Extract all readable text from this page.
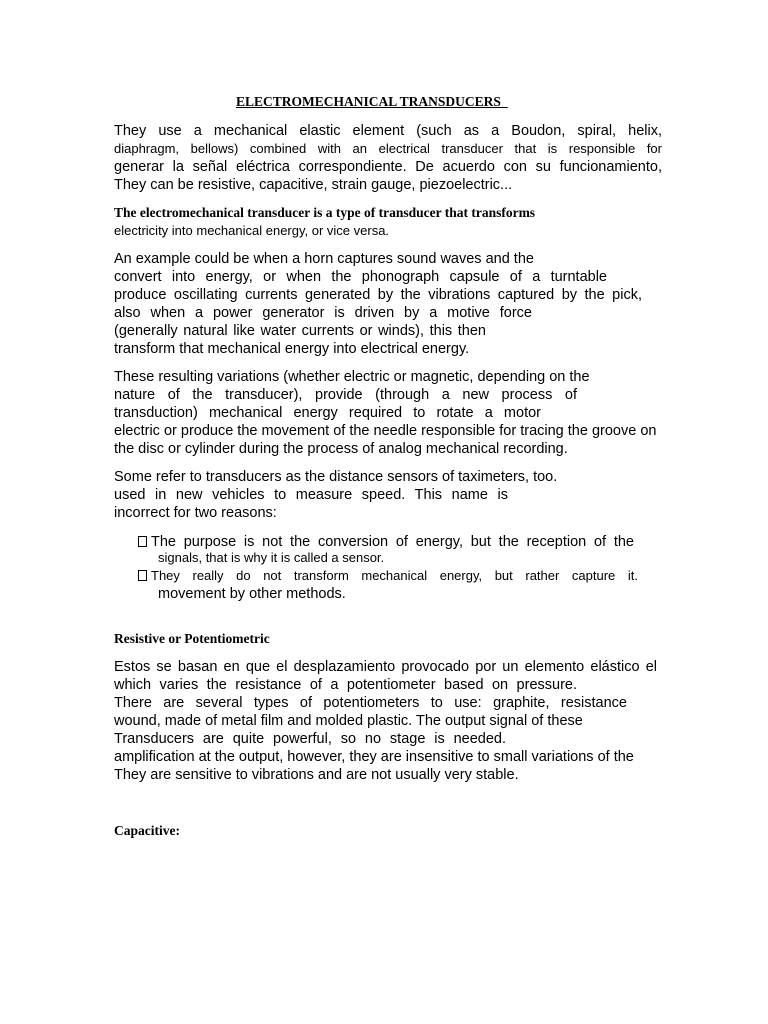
ELECTROMECHANICAL TRANSDUCERS
They use a mechanical elastic element (such as a Boudon, spiral, helix,
diaphragm, bellows) combined with an electrical transducer that is responsible for
generar la señal eléctrica correspondiente. De acuerdo con su funcionamiento,
They can be resistive, capacitive, strain gauge, piezoelectric...
The electromechanical transducer is a type of transducer that transforms
electricity into mechanical energy, or vice versa.
An example could be when a horn captures sound waves and the
convert into energy, or when the phonograph capsule of a turntable
produce oscillating currents generated by the vibrations captured by the pick,
also when a power generator is driven by a motive force
(generally natural like water currents or winds), this then
transform that mechanical energy into electrical energy.
These resulting variations (whether electric or magnetic, depending on the
nature of the transducer), provide (through a new process of
transduction) mechanical energy required to rotate a motor
electric or produce the movement of the needle responsible for tracing the groove on
the disc or cylinder during the process of analog mechanical recording.
Some refer to transducers as the distance sensors of taximeters, too.
used in new vehicles to measure speed. This name is
incorrect for two reasons:
The purpose is not the conversion of energy, but the reception of the
signals, that is why it is called a sensor.
They really do not transform mechanical energy, but rather capture it.
movement by other methods.
Resistive or Potentiometric
Estos se basan en que el desplazamiento provocado por un elemento elástico el
which varies the resistance of a potentiometer based on pressure.
There are several types of potentiometers to use: graphite, resistance
wound, made of metal film and molded plastic. The output signal of these
Transducers are quite powerful, so no stage is needed.
amplification at the output, however, they are insensitive to small variations of the
They are sensitive to vibrations and are not usually very stable.
Capacitive:
